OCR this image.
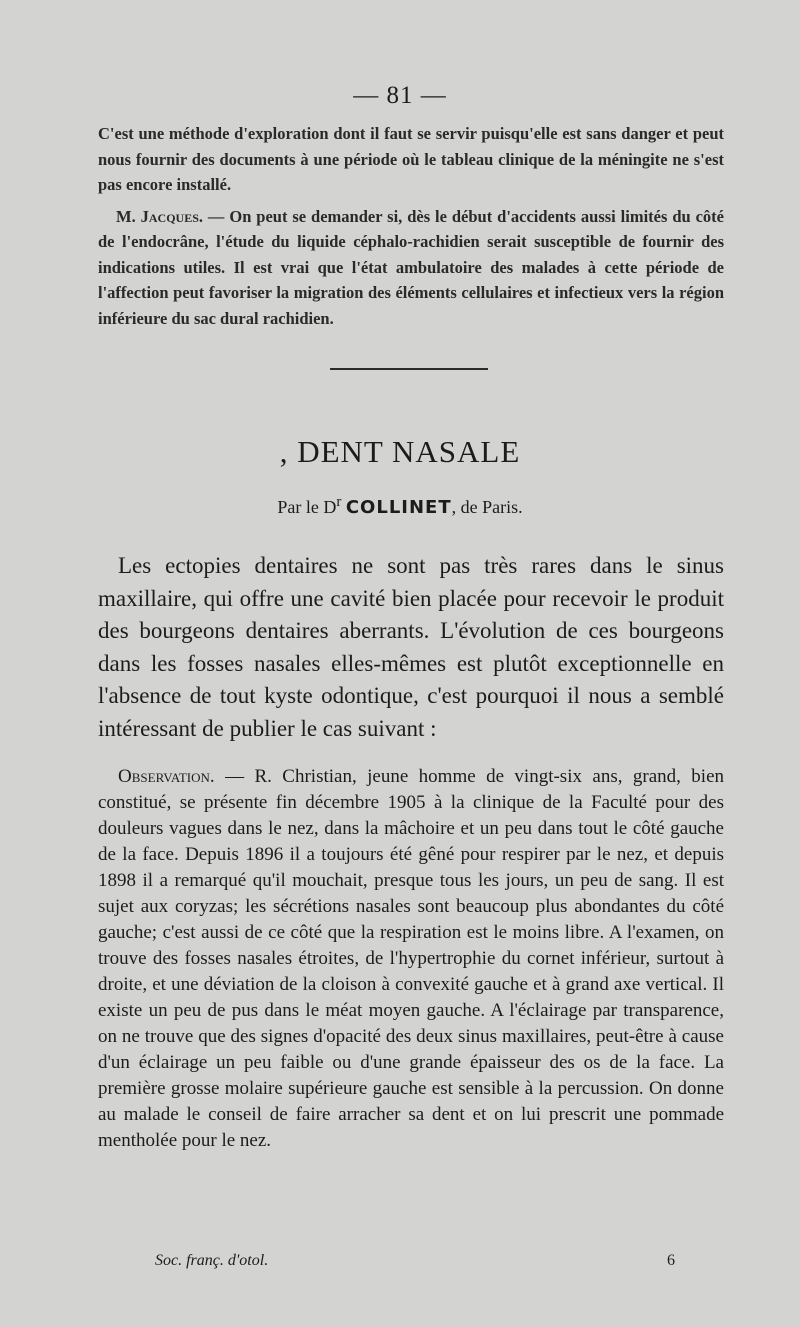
— 81 —

C'est une méthode d'exploration dont il faut se servir puisqu'elle est sans danger et peut nous fournir des documents à une période où le tableau clinique de la méningite ne s'est pas encore installé.

M. Jacques. — On peut se demander si, dès le début d'accidents aussi limités du côté de l'endocrâne, l'étude du liquide céphalo-rachidien serait susceptible de fournir des indications utiles. Il est vrai que l'état ambulatoire des malades à cette période de l'affection peut favoriser la migration des éléments cellulaires et infectieux vers la région inférieure du sac dural rachidien.

, DENT NASALE
Par le $D^r$ COLLINET, de Paris.

Les ectopies dentaires ne sont pas très rares dans le sinus maxillaire, qui offre une cavité bien placée pour recevoir le produit des bourgeons dentaires aberrants. L'évolution de ces bourgeons dans les fosses nasales elles-mêmes est plutôt exceptionnelle en l'absence de tout kyste odontique, c'est pourquoi il nous a semblé intéressant de publier le cas suivant :

Observation. — R. Christian, jeune homme de vingt-six ans, grand, bien constitué, se présente fin décembre 1905 à la clinique de la Faculté pour des douleurs vagues dans le nez, dans la mâchoire et un peu dans tout le côté gauche de la face. Depuis 1896 il a toujours été gêné pour respirer par le nez, et depuis 1898 il a remarqué qu'il mouchait, presque tous les jours, un peu de sang. Il est sujet aux coryzas; les sécrétions nasales sont beaucoup plus abondantes du côté gauche; c'est aussi de ce côté que la respiration est le moins libre. A l'examen, on trouve des fosses nasales étroites, de l'hypertrophie du cornet inférieur, surtout à droite, et une déviation de la cloison à convexité gauche et à grand axe vertical. Il existe un peu de pus dans le méat moyen gauche. A l'éclairage par transparence, on ne trouve que des signes d'opacité des deux sinus maxillaires, peut-être à cause d'un éclairage un peu faible ou d'une grande épaisseur des os de la face. La première grosse molaire supérieure gauche est sensible à la percussion. On donne au malade le conseil de faire arracher sa dent et on lui prescrit une pommade mentholée pour le nez.

Soc. franç. d'otol.	6
